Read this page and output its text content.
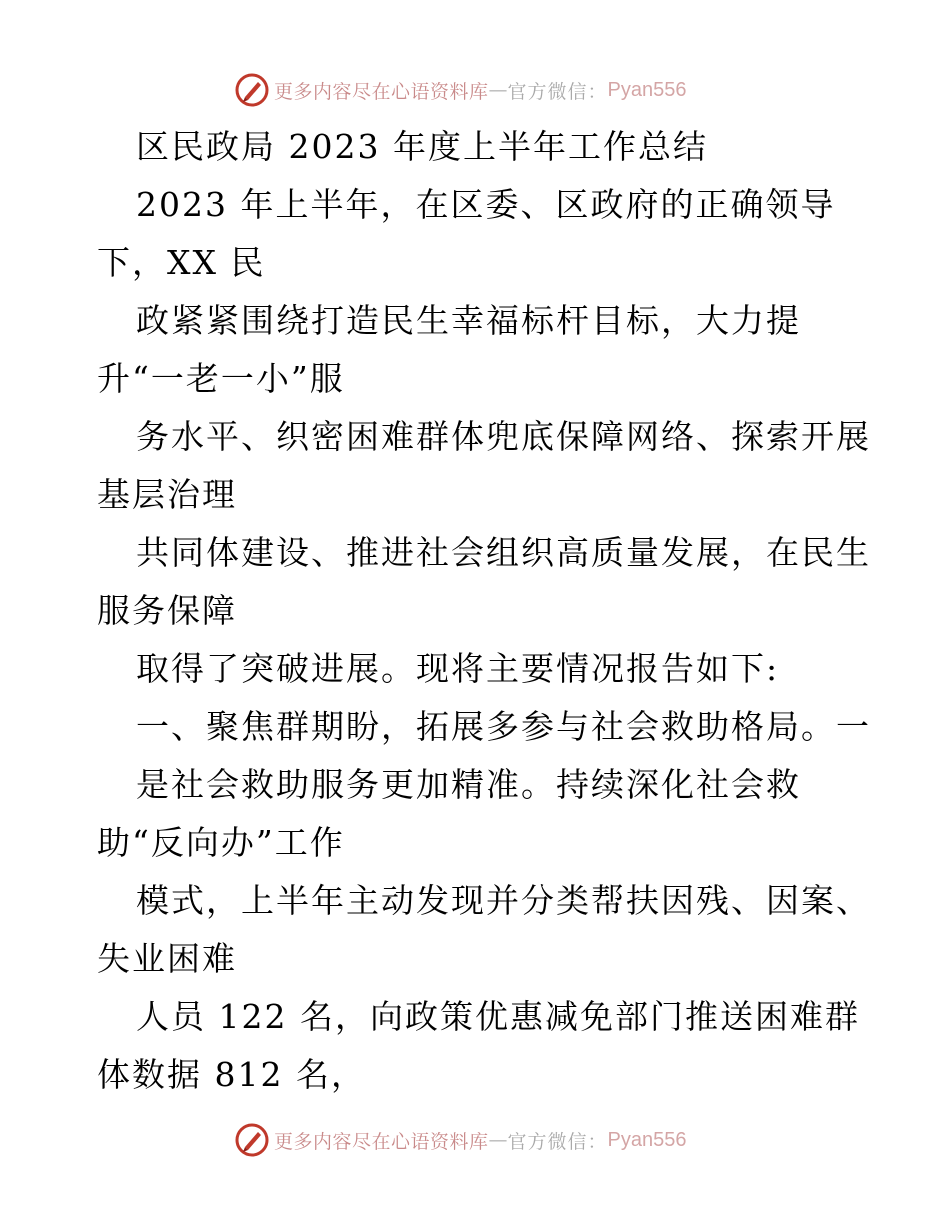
更多内容尽在心语资料库 — 官方微信： Pyan556
区民政局 2023 年度上半年工作总结
2023 年上半年，在区委、区政府的正确领导
下，XX 民
政紧紧围绕打造民生幸福标杆目标，大力提
升“一老一小”服
务水平、织密困难群体兜底保障网络、探索开展
基层治理
共同体建设、推进社会组织高质量发展，在民生
服务保障
取得了突破进展。现将主要情况报告如下:
一、聚焦群期盼，拓展多参与社会救助格局。一
是社会救助服务更加精准。持续深化社会救
助“反向办”工作
模式，上半年主动发现并分类帮扶因残、因案、
失业困难
人员 122 名，向政策优惠减免部门推送困难群
体数据 812 名，
更多内容尽在心语资料库 — 官方微信： Pyan556
